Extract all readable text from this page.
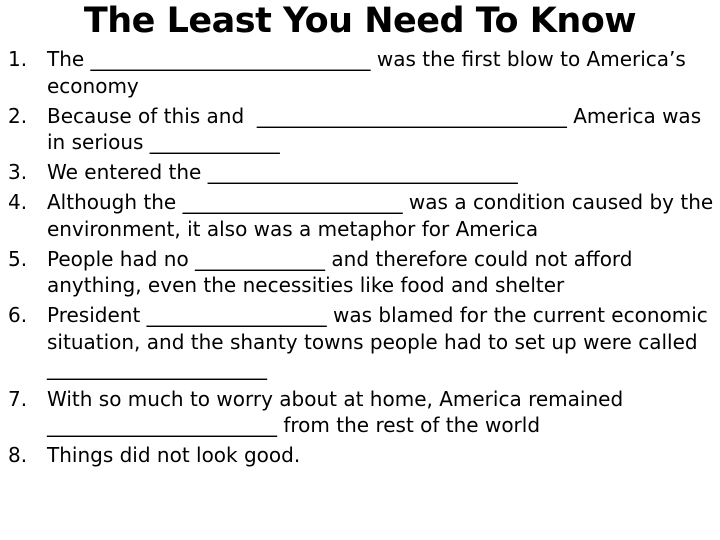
The Least You Need To Know
1. The ____________________________ was the first blow to America’s economy
2. Because of this and  _______________________________ America was in serious _____________
3. We entered the _______________________________
4. Although the ______________________ was a condition caused by the environment, it also was a metaphor for America
5. People had no _____________ and therefore could not afford anything, even the necessities like food and shelter
6. President __________________ was blamed for the current economic situation, and the shanty towns people had to set up were called ______________________
7. With so much to worry about at home, America remained _______________________ from the rest of the world
8. Things did not look good.
